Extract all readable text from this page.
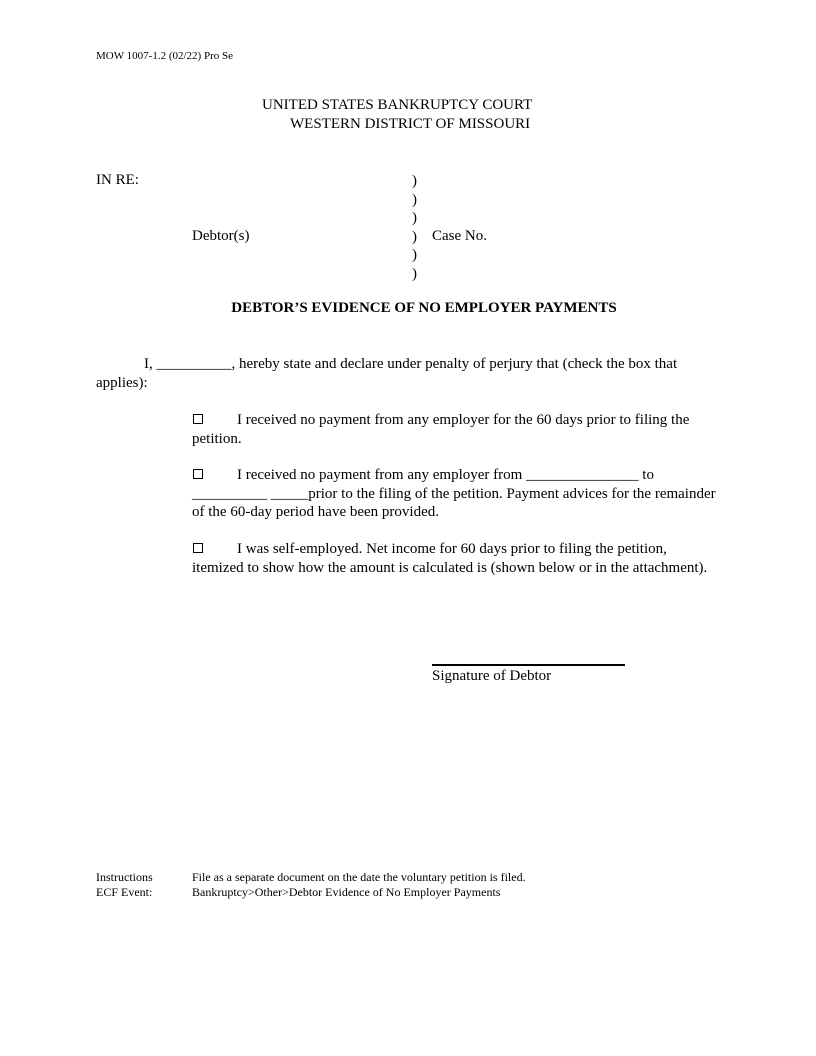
MOW 1007-1.2 (02/22) Pro Se
UNITED STATES BANKRUPTCY COURT
WESTERN DISTRICT OF MISSOURI
IN RE:
Debtor(s)
)
)
)
)
)
)
Case No.
DEBTOR’S EVIDENCE OF NO EMPLOYER PAYMENTS
I, __________, hereby state and declare under penalty of perjury that (check the box that
applies):
I received no payment from any employer for the 60 days prior to filing the petition.
I received no payment from any employer from _______________ to __________ _____prior to the filing of the petition. Payment advices for the remainder of the 60-day period have been provided.
I was self-employed. Net income for 60 days prior to filing the petition, itemized to show how the amount is calculated is (shown below or in the attachment).
Signature of Debtor
Instructions	File as a separate document on the date the voluntary petition is filed.
ECF Event:	Bankruptcy>Other>Debtor Evidence of No Employer Payments
